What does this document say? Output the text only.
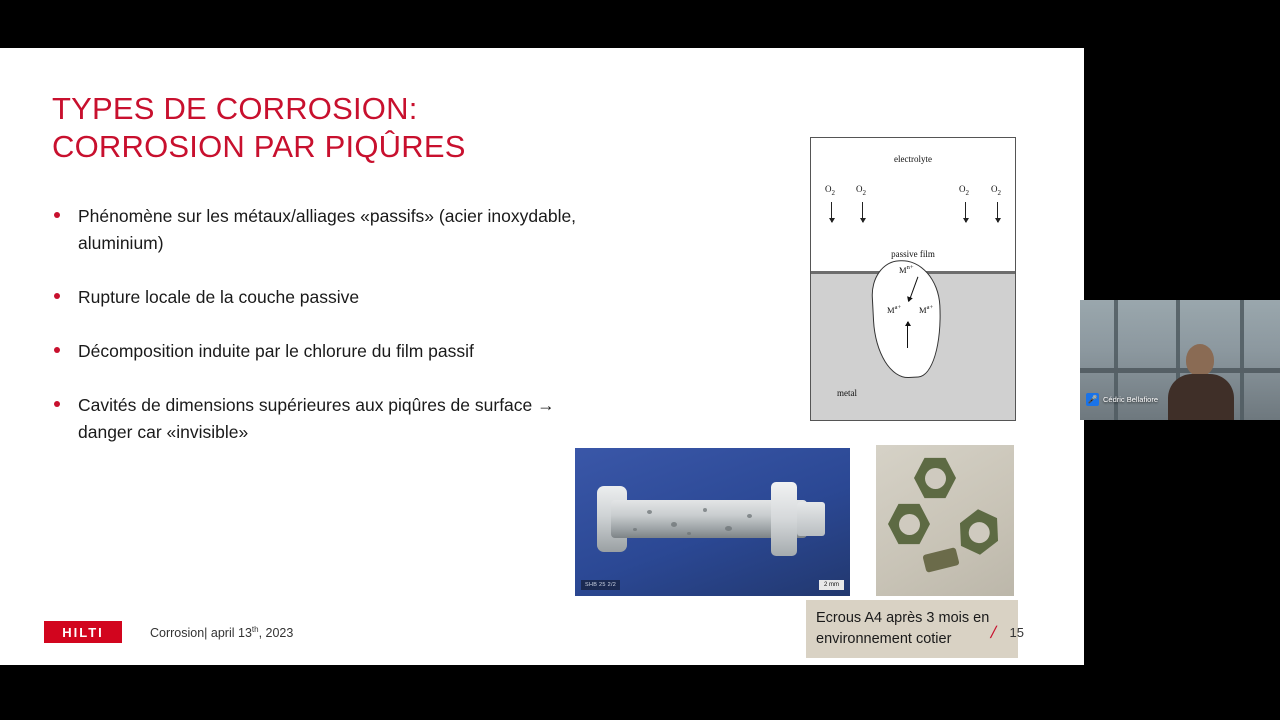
TYPES DE CORROSION:
CORROSION PAR PIQÛRES
Phénomène sur les métaux/alliages «passifs» (acier inoxydable, aluminium)
Rupture locale de la couche passive
Décomposition induite par le chlorure du film passif
Cavités de dimensions supérieures aux piqûres de surface → danger car «invisible»
electrolyte
$O_2$ $O_2$	$O_2$ $O_2$
passive film
metal
$M^{n+}$
$M^{a+}$ $M^{a+}$
SHB 25 2/2	2 mm
Ecrous A4 après 3 mois en environnement cotier
HILTI	Corrosion| april 13th, 2023	/ 15
🎤 Cédric Bellafiore
